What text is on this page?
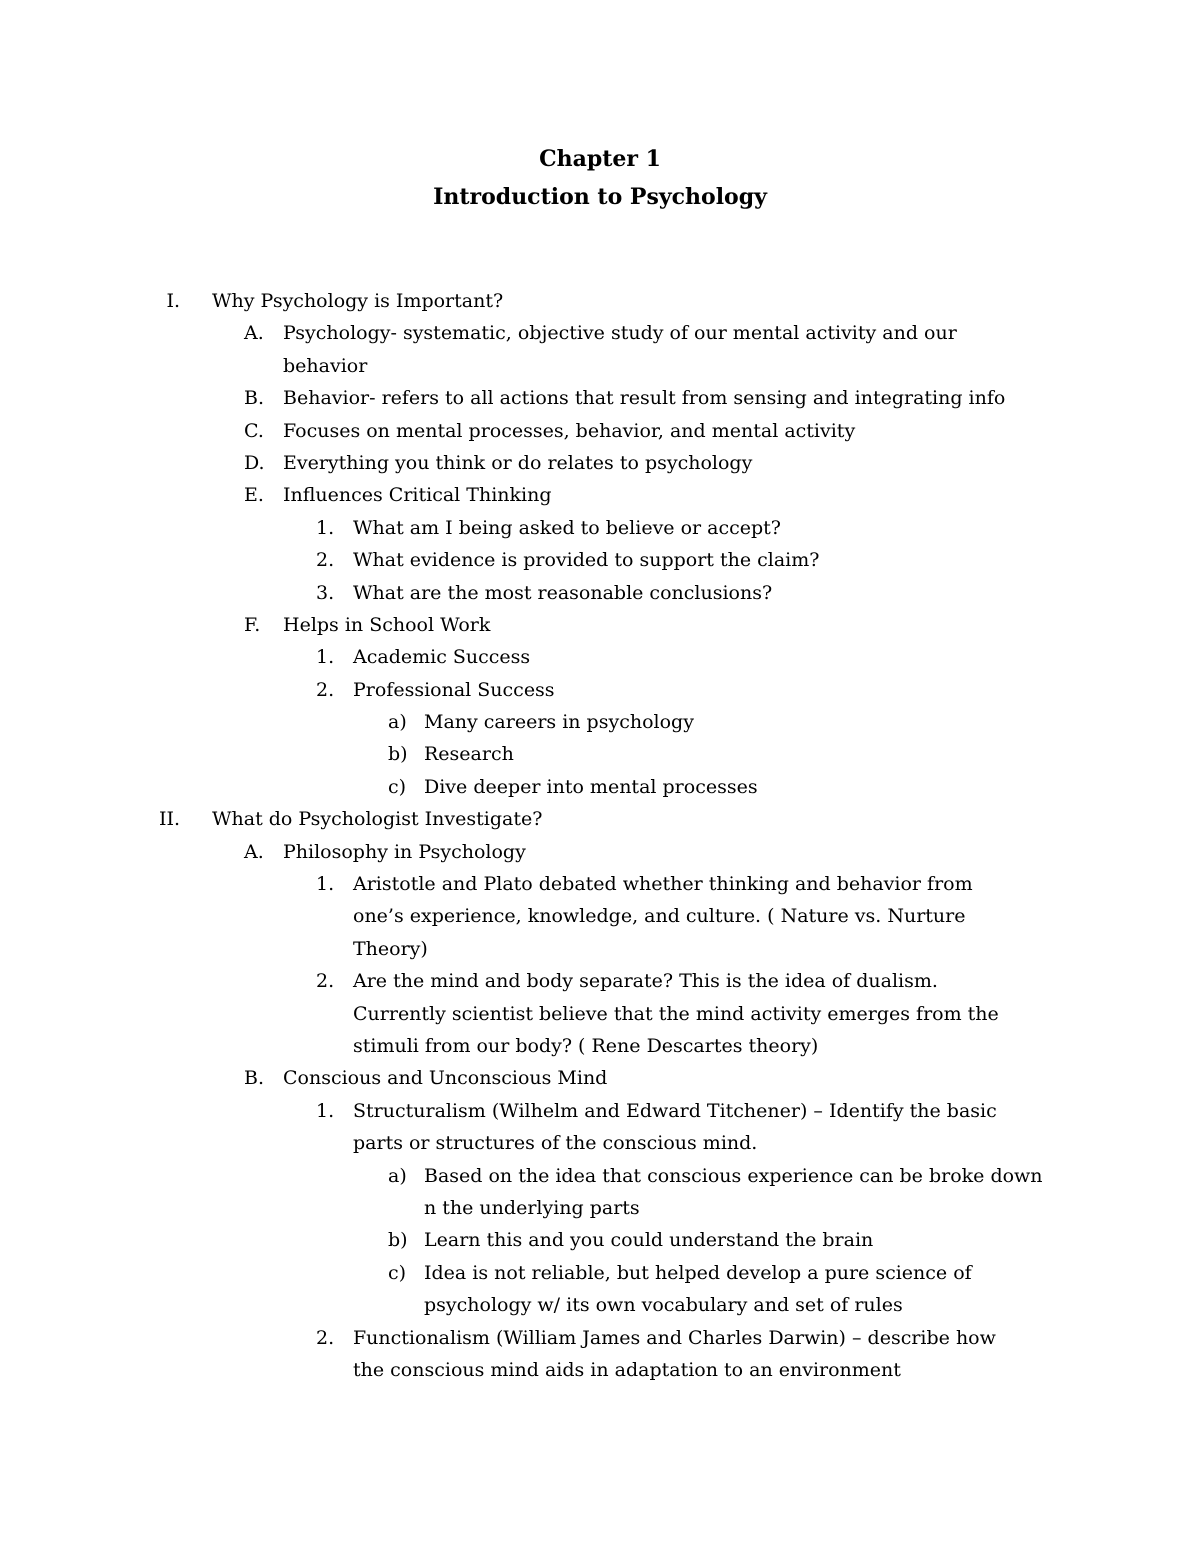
Chapter 1
Introduction to Psychology
I. Why Psychology is Important?
A. Psychology- systematic, objective study of our mental activity and our
behavior
B. Behavior- refers to all actions that result from sensing and integrating info
C. Focuses on mental processes, behavior, and mental activity
D. Everything you think or do relates to psychology
E. Influences Critical Thinking
1. What am I being asked to believe or accept?
2. What evidence is provided to support the claim?
3. What are the most reasonable conclusions?
F. Helps in School Work
1. Academic Success
2. Professional Success
a) Many careers in psychology
b) Research
c) Dive deeper into mental processes
II. What do Psychologist Investigate?
A. Philosophy in Psychology
1. Aristotle and Plato debated whether thinking and behavior from
one’s experience, knowledge, and culture. ( Nature vs. Nurture
Theory)
2. Are the mind and body separate? This is the idea of dualism.
Currently scientist believe that the mind activity emerges from the
stimuli from our body? ( Rene Descartes theory)
B. Conscious and Unconscious Mind
1. Structuralism (Wilhelm and Edward Titchener) – Identify the basic
parts or structures of the conscious mind.
a) Based on the idea that conscious experience can be broke down
n the underlying parts
b) Learn this and you could understand the brain
c) Idea is not reliable, but helped develop a pure science of
psychology w/ its own vocabulary and set of rules
2. Functionalism (William James and Charles Darwin) – describe how
the conscious mind aids in adaptation to an environment
